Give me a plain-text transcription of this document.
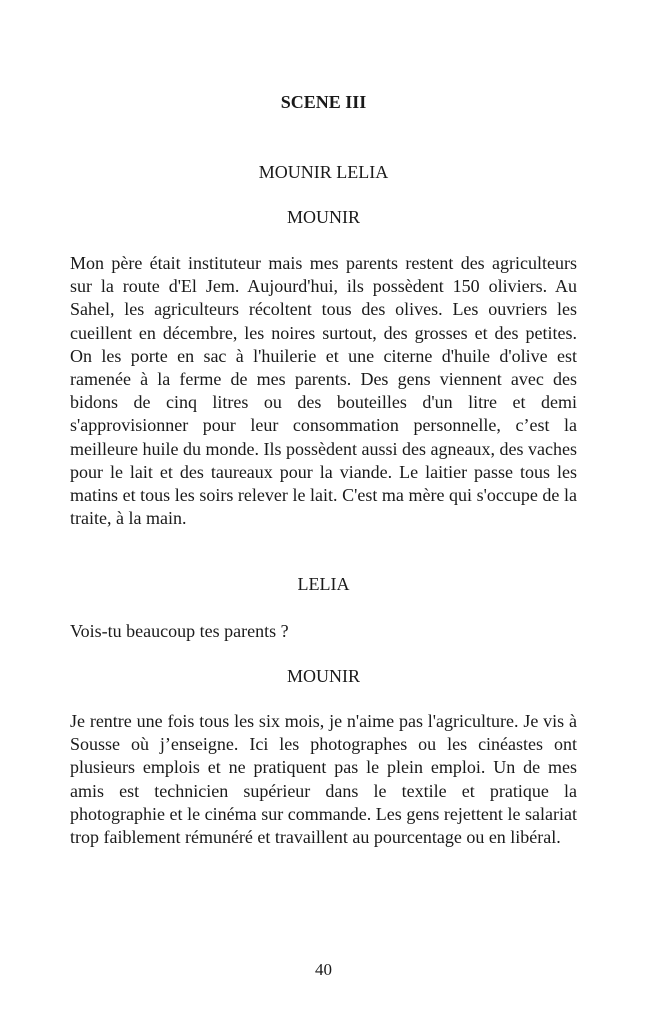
SCENE III
MOUNIR LELIA
MOUNIR

Mon père était instituteur mais mes parents restent des agriculteurs sur la route d'El Jem. Aujourd'hui, ils possèdent 150 oliviers. Au Sahel, les agriculteurs récoltent tous des olives. Les ouvriers les cueillent en décembre, les noires surtout, des grosses et des petites. On les porte en sac à l'huilerie et une citerne d'huile d'olive est ramenée à la ferme de mes parents. Des gens viennent avec des bidons de cinq litres ou des bouteilles d'un litre et demi s'approvisionner pour leur consommation personnelle, c’est la meilleure huile du monde. Ils possèdent aussi des agneaux, des vaches pour le lait et des taureaux pour la viande. Le laitier passe tous les matins et tous les soirs relever le lait. C'est ma mère qui s'occupe de la traite, à la main.

LELIA

Vois-tu beaucoup tes parents ?

MOUNIR

Je rentre une fois tous les six mois, je n'aime pas l'agriculture. Je vis à Sousse où j’enseigne. Ici les photographes ou les cinéastes ont plusieurs emplois et ne pratiquent pas le plein emploi. Un de mes amis est technicien supérieur dans le textile et pratique la photographie et le cinéma sur commande. Les gens rejettent le salariat trop faiblement rémunéré et travaillent au pourcentage ou en libéral.

40
